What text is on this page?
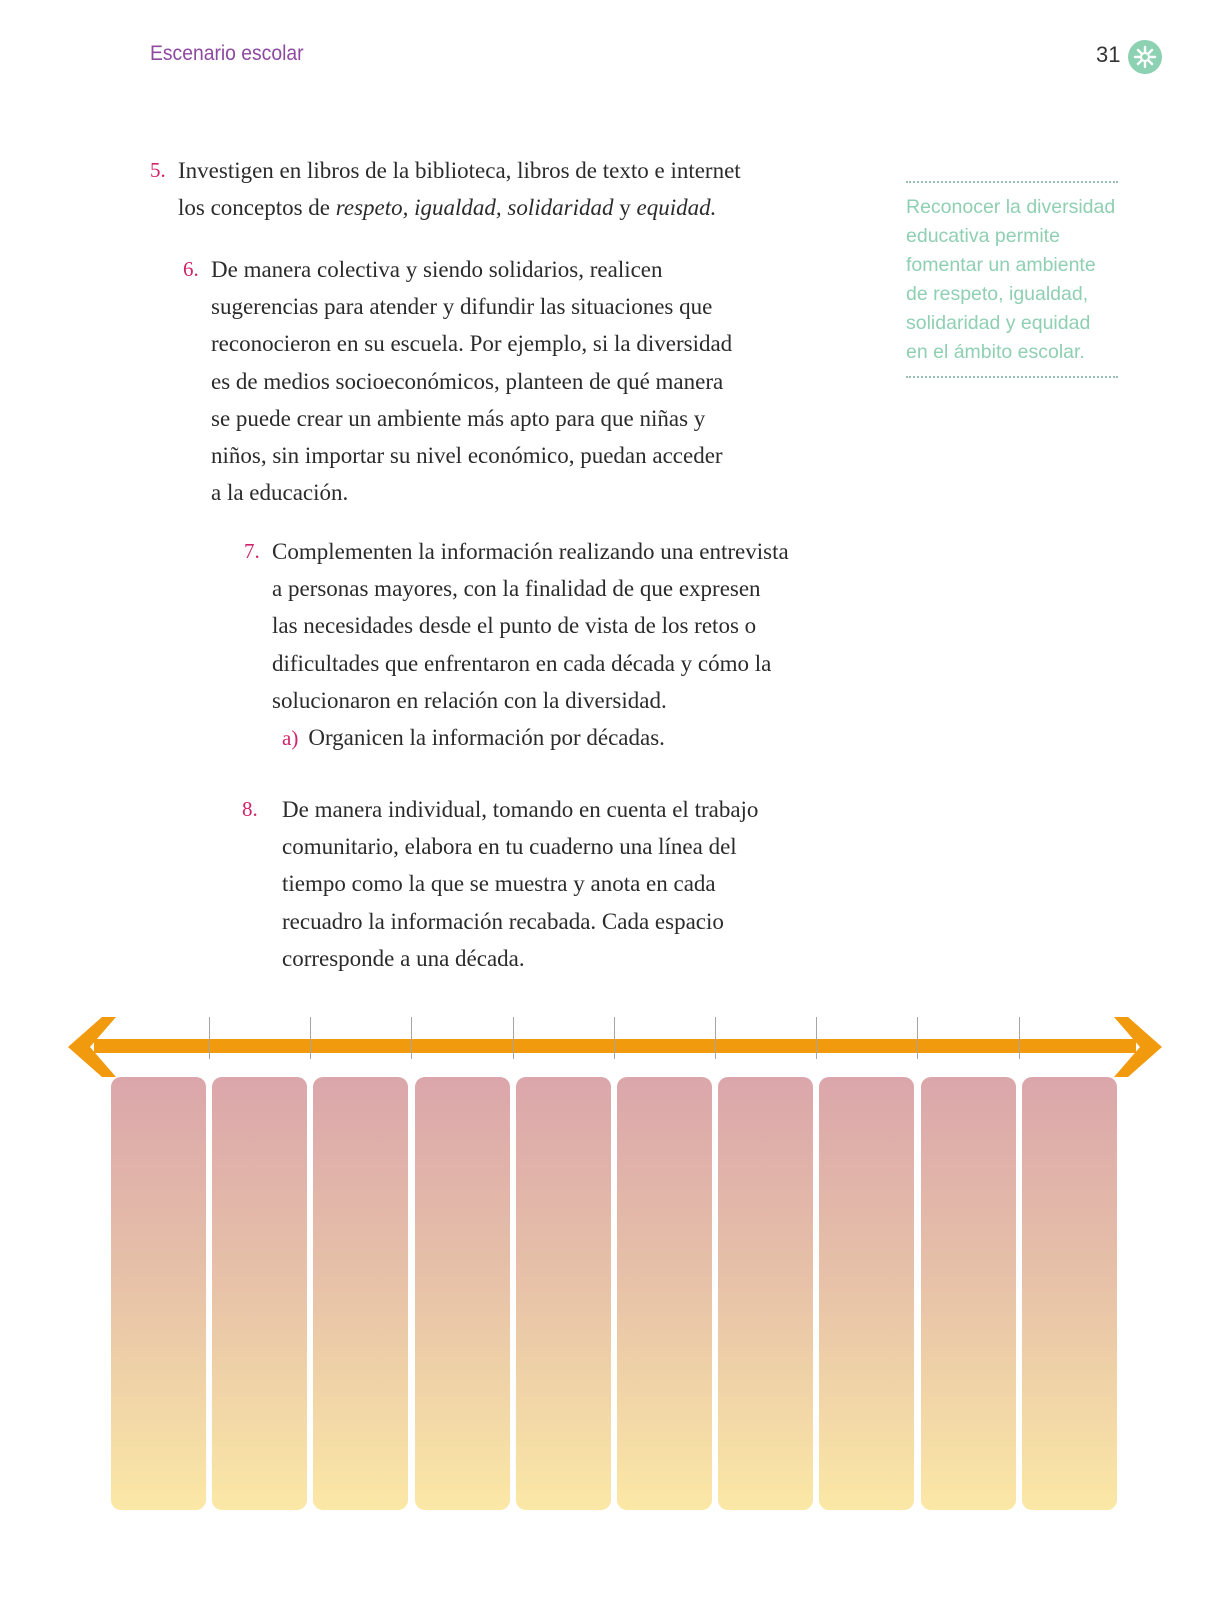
Escenario escolar	31
5. Investigen en libros de la biblioteca, libros de texto e internet

los conceptos de respeto, igualdad, solidaridad y equidad.

6. De manera colectiva y siendo solidarios, realicen

sugerencias para atender y difundir las situaciones que

reconocieron en su escuela. Por ejemplo, si la diversidad

es de medios socioeconómicos, planteen de qué manera

se puede crear un ambiente más apto para que niñas y

niños, sin importar su nivel económico, puedan acceder

a la educación.

7. Complementen la información realizando una entrevista

a personas mayores, con la finalidad de que expresen

las necesidades desde el punto de vista de los retos o

dificultades que enfrentaron en cada década y cómo la

solucionaron en relación con la diversidad.

a) Organicen la información por décadas.
8. De manera individual, tomando en cuenta el trabajo

comunitario, elabora en tu cuaderno una línea del

tiempo como la que se muestra y anota en cada

recuadro la información recabada. Cada espacio

corresponde a una década.

Reconocer la diversidad
educativa permite
fomentar un ambiente
de respeto, igualdad,
solidaridad y equidad
en el ámbito escolar.
